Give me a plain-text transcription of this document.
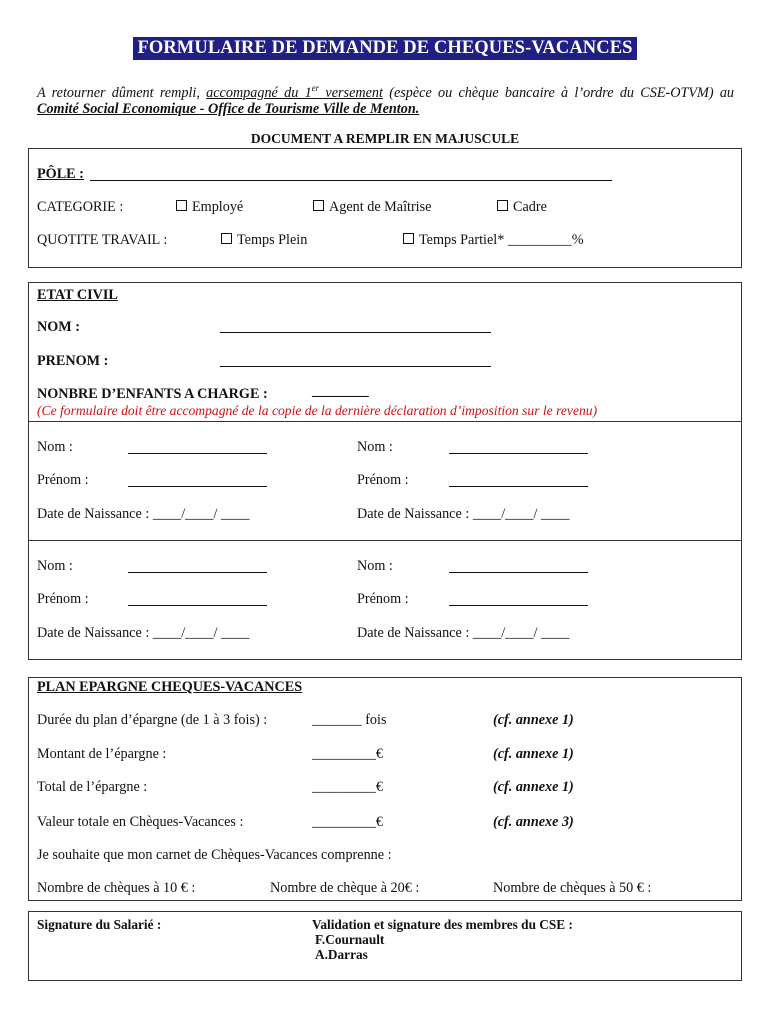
FORMULAIRE DE DEMANDE DE CHEQUES-VACANCES
A retourner dûment rempli, accompagné du 1er versement (espèce ou chèque bancaire à l’ordre du CSE-OTVM) au Comité Social Economique - Office de Tourisme Ville de Menton.
DOCUMENT A REMPLIR EN MAJUSCULE
PÔLE :
CATEGORIE :	Employé	Agent de Maîtrise	Cadre
QUOTITE TRAVAIL :	Temps Plein	Temps Partiel* _________%
ETAT CIVIL
NOM :
PRENOM :
NONBRE D’ENFANTS A CHARGE :	________
(Ce formulaire doit être accompagné de la copie de la dernière déclaration d’imposition sur le revenu)
Nom :	Nom :
Prénom :	Prénom :
Date de Naissance : ____/____/ ____	Date de Naissance : ____/____/ ____
Nom :	Nom :
Prénom :	Prénom :
Date de Naissance : ____/____/ ____	Date de Naissance : ____/____/ ____
PLAN EPARGNE CHEQUES-VACANCES
Durée du plan d’épargne (de 1 à 3 fois) :	_______ fois	(cf. annexe 1)
Montant de l’épargne :	_________€	(cf. annexe 1)
Total de l’épargne :	_________€	(cf. annexe 1)
Valeur totale en Chèques-Vacances :	_________€	(cf. annexe 3)
Je souhaite que mon carnet de Chèques-Vacances comprenne :
Nombre de chèques à 10 € :	Nombre de chèque à 20€ :	Nombre de chèques à 50 € :
Signature du Salarié :	Validation et signature des membres du CSE :
F.Cournault
A.Darras
